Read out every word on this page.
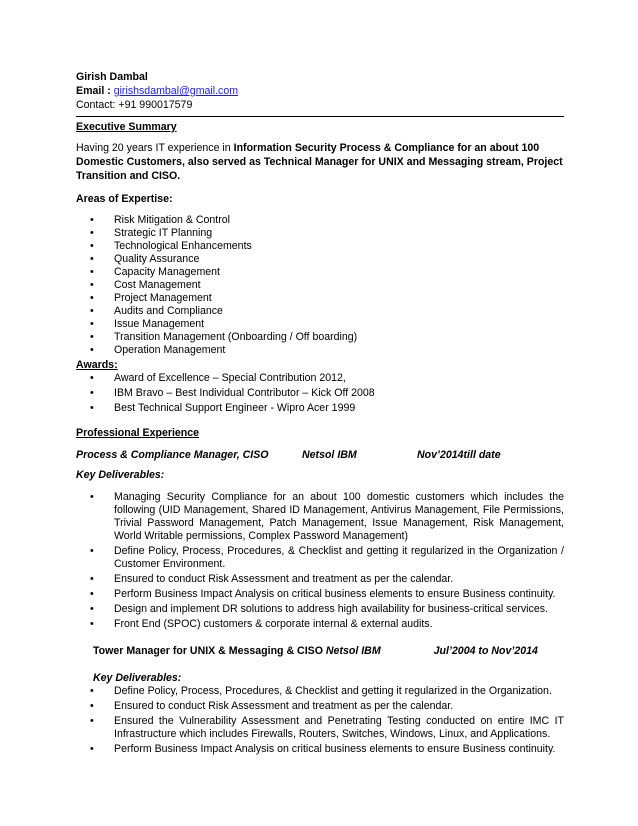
Girish Dambal
Email : girishsdambal@gmail.com
Contact: +91 990017579
Executive Summary
Having 20 years IT experience in Information Security Process & Compliance for an about 100
Domestic Customers, also served as Technical Manager for UNIX and Messaging stream, Project
Transition and CISO.
Areas of Expertise:
• Risk Mitigation & Control
• Strategic IT Planning
• Technological Enhancements
• Quality Assurance
• Capacity Management
• Cost Management
• Project Management
• Audits and Compliance
• Issue Management
• Transition Management (Onboarding / Off boarding)
• Operation Management
Awards:
• Award of Excellence – Special Contribution 2012,
• IBM Bravo – Best Individual Contributor – Kick Off 2008
• Best Technical Support Engineer - Wipro Acer 1999
Professional Experience
Process & Compliance Manager, CISO	Netsol IBM	Nov’2014till date
Key Deliverables:
• Managing Security Compliance for an about 100 domestic customers which includes the following (UID Management, Shared ID Management, Antivirus Management, File Permissions, Trivial Password Management, Patch Management, Issue Management, Risk Management, World Writable permissions, Complex Password Management)
• Define Policy, Process, Procedures, & Checklist and getting it regularized in the Organization / Customer Environment.
• Ensured to conduct Risk Assessment and treatment as per the calendar.
• Perform Business Impact Analysis on critical business elements to ensure Business continuity.
• Design and implement DR solutions to address high availability for business-critical services.
• Front End (SPOC) customers & corporate internal & external audits.
Tower Manager for UNIX & Messaging & CISO Netsol IBM	Jul’2004 to Nov’2014
Key Deliverables:
• Define Policy, Process, Procedures, & Checklist and getting it regularized in the Organization.
• Ensured to conduct Risk Assessment and treatment as per the calendar.
• Ensured the Vulnerability Assessment and Penetrating Testing conducted on entire IMC IT Infrastructure which includes Firewalls, Routers, Switches, Windows, Linux, and Applications.
• Perform Business Impact Analysis on critical business elements to ensure Business continuity.
